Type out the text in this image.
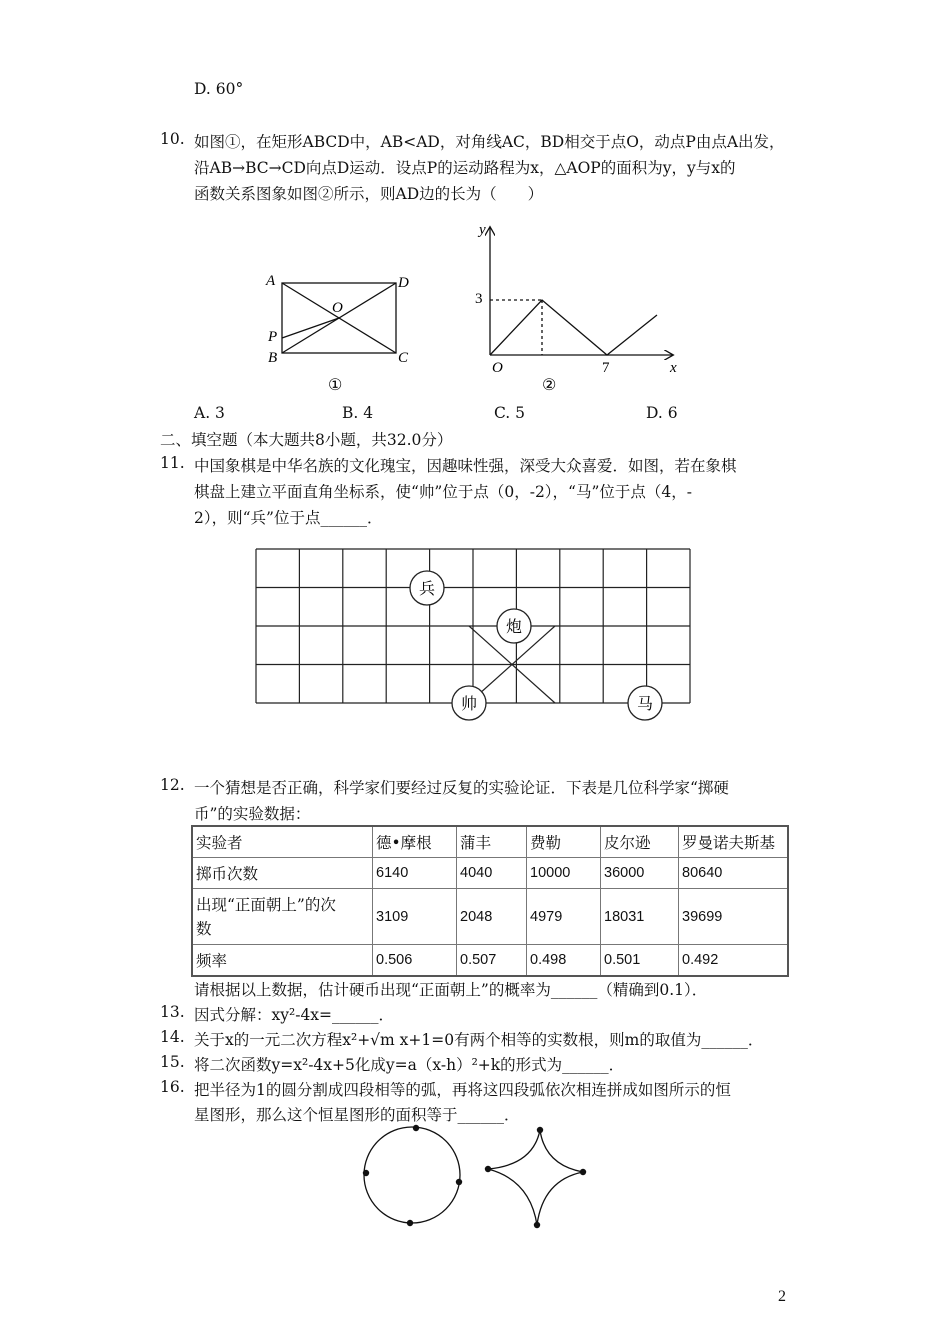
D. 60°
10. 如图①，在矩形ABCD中，AB<AD，对角线AC，BD相交于点O，动点P由点A出发，
沿AB→BC→CD向点D运动．设点P的运动路程为x，△AOP的面积为y，y与x的
函数关系图象如图②所示，则AD边的长为（　　）
A	D
O
P
B	C
①
y
3
O	7	x
②
A. 3	B. 4	C. 5	D. 6
二、填空题（本大题共8小题，共32.0分）
11. 中国象棋是中华名族的文化瑰宝，因趣味性强，深受大众喜爱．如图，若在象棋
棋盘上建立平面直角坐标系，使“帅”位于点（0，-2），“马”位于点（4，-
2），则“兵”位于点______．
兵
炮
帅	马
12. 一个猜想是否正确，科学家们要经过反复的实验论证．下表是几位科学家“掷硬
币”的实验数据：
实验者	德•摩根	蒲丰	费勒	皮尔逊	罗曼诺夫斯基
掷币次数	6140	4040	10000	36000	80640
出现“正面朝上”的次
数	3109	2048	4979	18031	39699
频率	0.506	0.507	0.498	0.501	0.492
请根据以上数据，估计硬币出现“正面朝上”的概率为______（精确到0.1）．
13. 因式分解：xy²-4x=______．
14. 关于x的一元二次方程x²+√m x+1=0有两个相等的实数根，则m的取值为______．
15. 将二次函数y=x²-4x+5化成y=a（x-h）²+k的形式为______．
16. 把半径为1的圆分割成四段相等的弧，再将这四段弧依次相连拼成如图所示的恒
星图形，那么这个恒星图形的面积等于______．
2
